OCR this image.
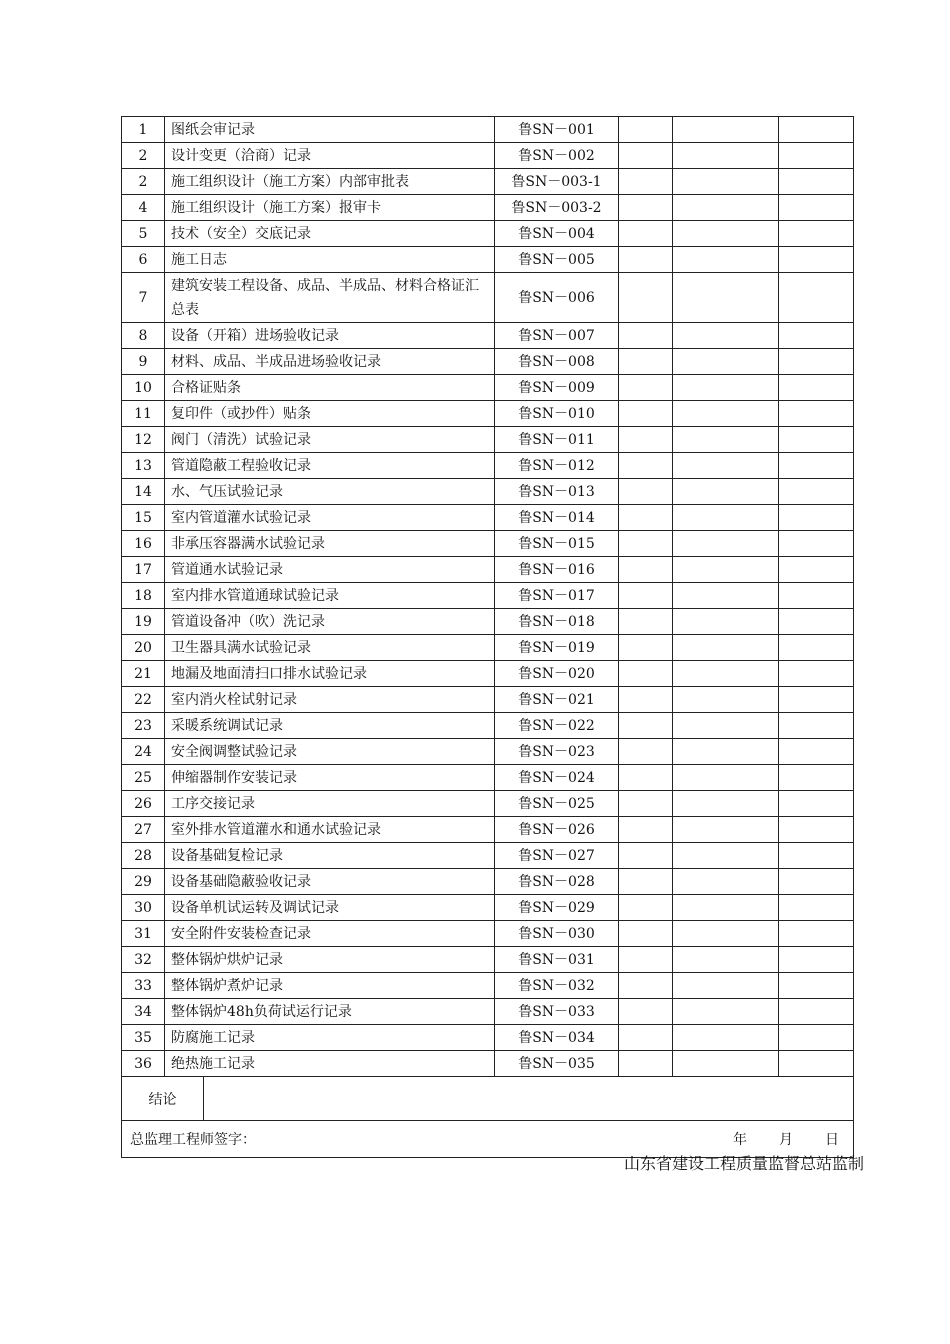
1	图纸会审记录	鲁SN－001			
2	设计变更（洽商）记录	鲁SN－002			
2	施工组织设计（施工方案）内部审批表	鲁SN－003-1			
4	施工组织设计（施工方案）报审卡	鲁SN－003-2			
5	技术（安全）交底记录	鲁SN－004			
6	施工日志	鲁SN－005			
7	建筑安装工程设备、成品、半成品、材料合格证汇总表	鲁SN－006			
8	设备（开箱）进场验收记录	鲁SN－007			
9	材料、成品、半成品进场验收记录	鲁SN－008			
10	合格证贴条	鲁SN－009			
11	复印件（或抄件）贴条	鲁SN－010			
12	阀门（清洗）试验记录	鲁SN－011			
13	管道隐蔽工程验收记录	鲁SN－012			
14	水、气压试验记录	鲁SN－013			
15	室内管道灌水试验记录	鲁SN－014			
16	非承压容器满水试验记录	鲁SN－015			
17	管道通水试验记录	鲁SN－016			
18	室内排水管道通球试验记录	鲁SN－017			
19	管道设备冲（吹）洗记录	鲁SN－018			
20	卫生器具满水试验记录	鲁SN－019			
21	地漏及地面清扫口排水试验记录	鲁SN－020			
22	室内消火栓试射记录	鲁SN－021			
23	采暖系统调试记录	鲁SN－022			
24	安全阀调整试验记录	鲁SN－023			
25	伸缩器制作安装记录	鲁SN－024			
26	工序交接记录	鲁SN－025			
27	室外排水管道灌水和通水试验记录	鲁SN－026			
28	设备基础复检记录	鲁SN－027			
29	设备基础隐蔽验收记录	鲁SN－028			
30	设备单机试运转及调试记录	鲁SN－029			
31	安全附件安装检查记录	鲁SN－030			
32	整体锅炉烘炉记录	鲁SN－031			
33	整体锅炉煮炉记录	鲁SN－032			
34	整体锅炉48h负荷试运行记录	鲁SN－033			
35	防腐施工记录	鲁SN－034			
36	绝热施工记录	鲁SN－035			
结论	

总监理工程师签字：	年 月 日
山东省建设工程质量监督总站监制
